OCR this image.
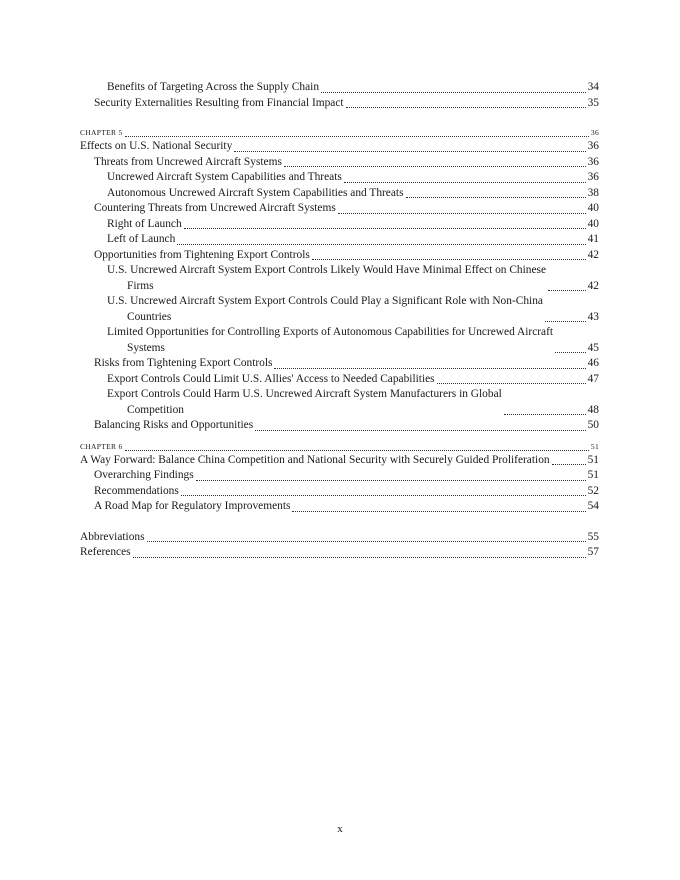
Benefits of Targeting Across the Supply Chain	34
Security Externalities Resulting from Financial Impact	35
CHAPTER 5	36
Effects on U.S. National Security	36
Threats from Uncrewed Aircraft Systems	36
Uncrewed Aircraft System Capabilities and Threats	36
Autonomous Uncrewed Aircraft System Capabilities and Threats	38
Countering Threats from Uncrewed Aircraft Systems	40
Right of Launch	40
Left of Launch	41
Opportunities from Tightening Export Controls	42
U.S. Uncrewed Aircraft System Export Controls Likely Would Have Minimal Effect on Chinese
Firms	42
U.S. Uncrewed Aircraft System Export Controls Could Play a Significant Role with Non-China
Countries	43
Limited Opportunities for Controlling Exports of Autonomous Capabilities for Uncrewed Aircraft
Systems	45
Risks from Tightening Export Controls	46
Export Controls Could Limit U.S. Allies' Access to Needed Capabilities	47
Export Controls Could Harm U.S. Uncrewed Aircraft System Manufacturers in Global
Competition	48
Balancing Risks and Opportunities	50
CHAPTER 6	51
A Way Forward: Balance China Competition and National Security with Securely Guided Proliferation	51
Overarching Findings	51
Recommendations	52
A Road Map for Regulatory Improvements	54
Abbreviations	55
References	57
x
